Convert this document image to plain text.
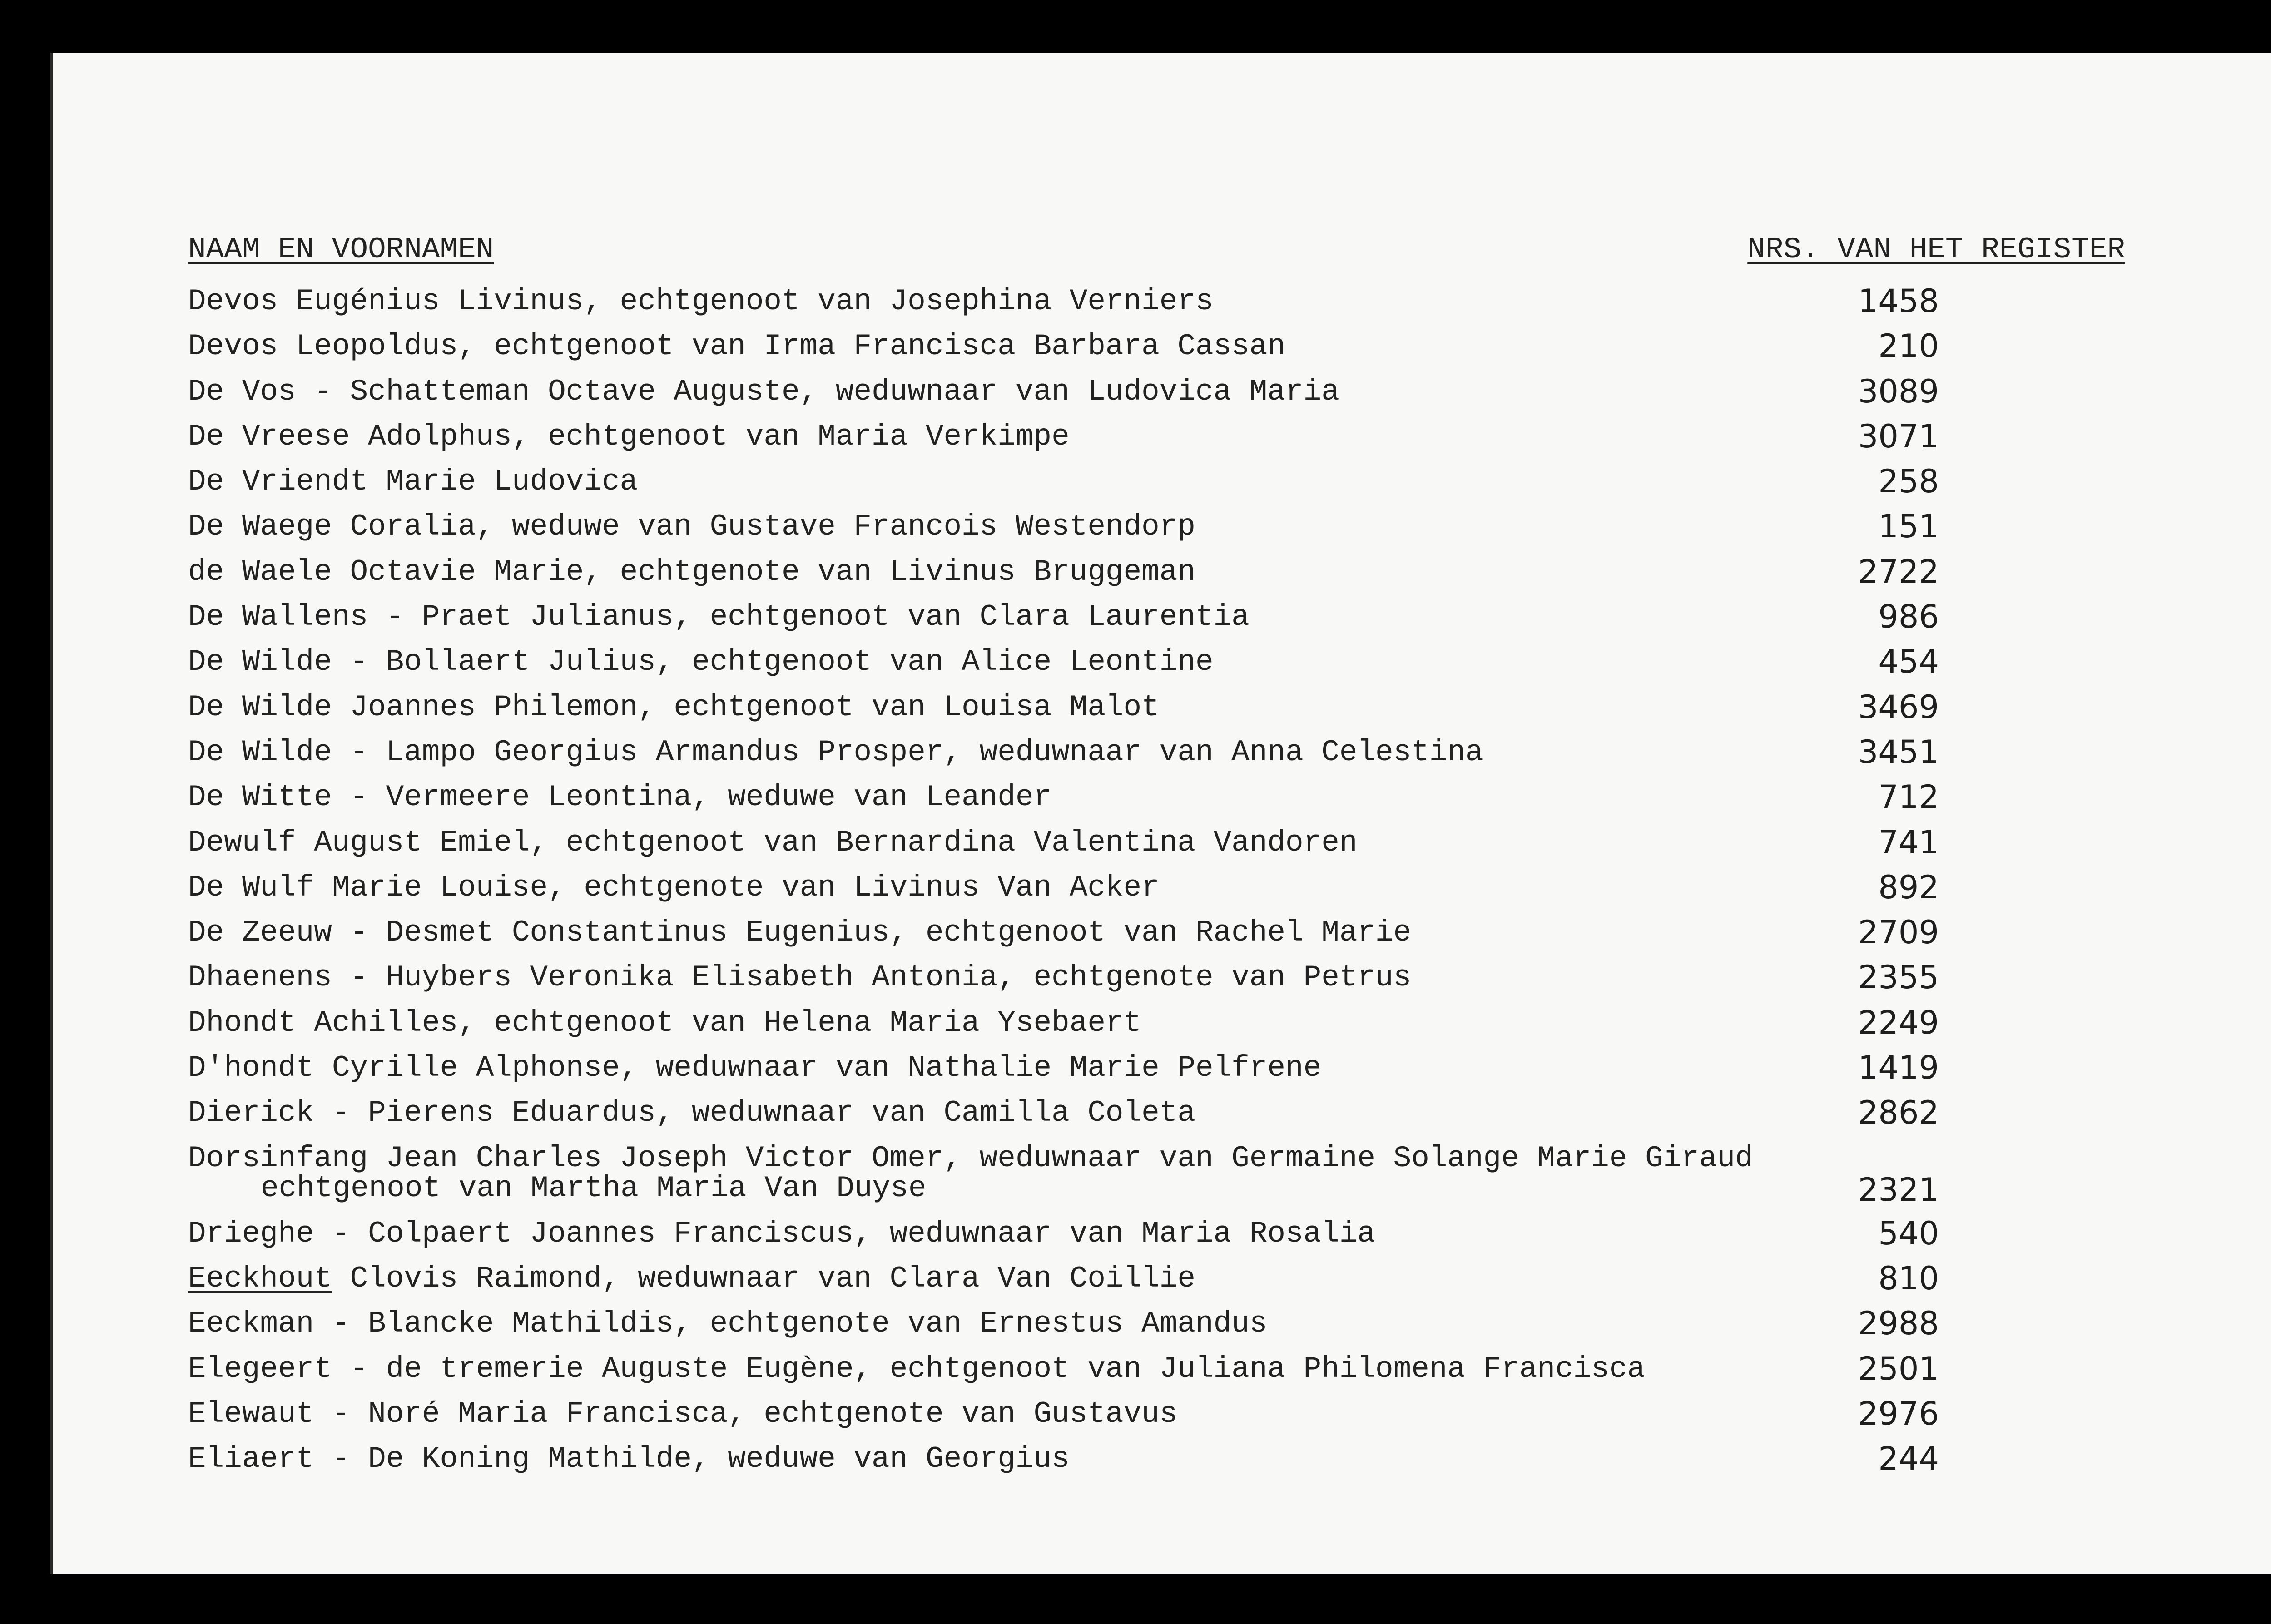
NAAM EN VOORNAMEN	NRS. VAN HET REGISTER
Devos Eugénius Livinus, echtgenoot van Josephina Verniers	1458
Devos Leopoldus, echtgenoot van Irma Francisca Barbara Cassan	210
De Vos - Schatteman Octave Auguste, weduwnaar van Ludovica Maria	3089
De Vreese Adolphus, echtgenoot van Maria Verkimpe	3071
De Vriendt Marie Ludovica	258
De Waege Coralia, weduwe van Gustave Francois Westendorp	151
de Waele Octavie Marie, echtgenote van Livinus Bruggeman	2722
De Wallens - Praet Julianus, echtgenoot van Clara Laurentia	986
De Wilde - Bollaert Julius, echtgenoot van Alice Leontine	454
De Wilde Joannes Philemon, echtgenoot van Louisa Malot	3469
De Wilde - Lampo Georgius Armandus Prosper, weduwnaar van Anna Celestina	3451
De Witte - Vermeere Leontina, weduwe van Leander	712
Dewulf August Emiel, echtgenoot van Bernardina Valentina Vandoren	741
De Wulf Marie Louise, echtgenote van Livinus Van Acker	892
De Zeeuw - Desmet Constantinus Eugenius, echtgenoot van Rachel Marie	2709
Dhaenens - Huybers Veronika Elisabeth Antonia, echtgenote van Petrus	2355
Dhondt Achilles, echtgenoot van Helena Maria Ysebaert	2249
D'hondt Cyrille Alphonse, weduwnaar van Nathalie Marie Pelfrene	1419
Dierick - Pierens Eduardus, weduwnaar van Camilla Coleta	2862
Dorsinfang Jean Charles Joseph Victor Omer, weduwnaar van Germaine Solange Marie Giraud
echtgenoot van Martha Maria Van Duyse	2321
Drieghe - Colpaert Joannes Franciscus, weduwnaar van Maria Rosalia	540
Eeckhout Clovis Raimond, weduwnaar van Clara Van Coillie	810
Eeckman - Blancke Mathildis, echtgenote van Ernestus Amandus	2988
Elegeert - de tremerie Auguste Eugène, echtgenoot van Juliana Philomena Francisca	2501
Elewaut - Noré Maria Francisca, echtgenote van Gustavus	2976
Eliaert - De Koning Mathilde, weduwe van Georgius	244
